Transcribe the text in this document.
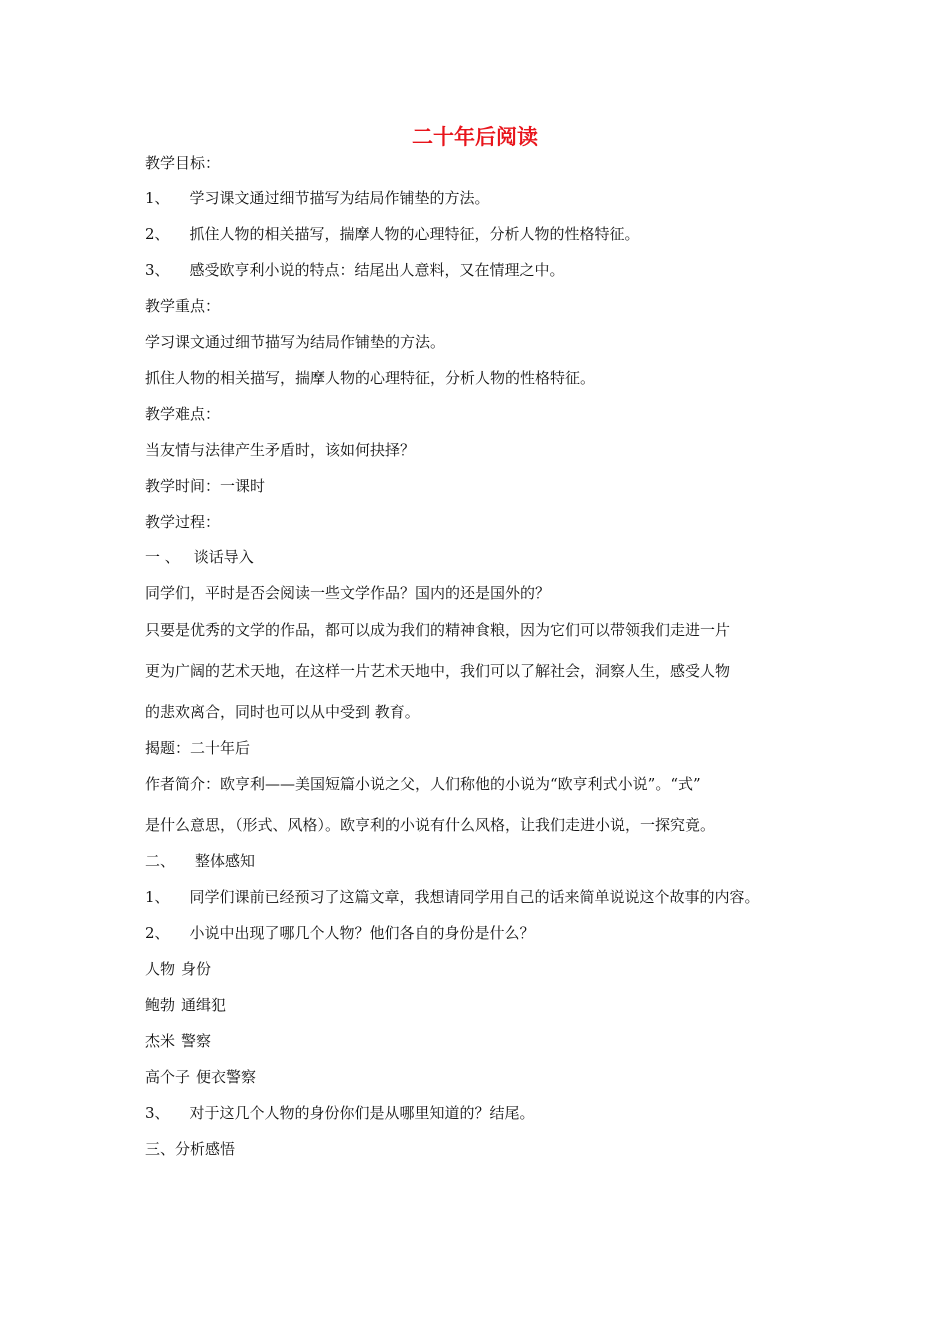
二十年后阅读

教学目标：

1、 学习课文通过细节描写为结局作铺垫的方法。

2、 抓住人物的相关描写，揣摩人物的心理特征，分析人物的性格特征。

3、 感受欧亨利小说的特点：结尾出人意料，又在情理之中。

教学重点：

学习课文通过细节描写为结局作铺垫的方法。

抓住人物的相关描写，揣摩人物的心理特征，分析人物的性格特征。

教学难点：

当友情与法律产生矛盾时，该如何抉择？

教学时间：一课时

教学过程：

一 、 谈话导入

同学们，平时是否会阅读一些文学作品？国内的还是国外的？

只要是优秀的文学的作品，都可以成为我们的精神食粮，因为它们可以带领我们走进一片

更为广阔的艺术天地，在这样一片艺术天地中，我们可以了解社会，洞察人生，感受人物

的悲欢离合，同时也可以从中受到 教育。

揭题：二十年后

作者简介：欧亨利——美国短篇小说之父，人们称他的小说为“欧亨利式小说”。“式”

是什么意思，（形式、风格）。欧亨利的小说有什么风格，让我们走进小说，一探究竟。

二、 整体感知

1、 同学们课前已经预习了这篇文章，我想请同学用自己的话来简单说说这个故事的内容。

2、 小说中出现了哪几个人物？他们各自的身份是什么？

人物 身份

鲍勃 通缉犯

杰米 警察

高个子 便衣警察

3、 对于这几个人物的身份你们是从哪里知道的？结尾。

三、分析感悟
